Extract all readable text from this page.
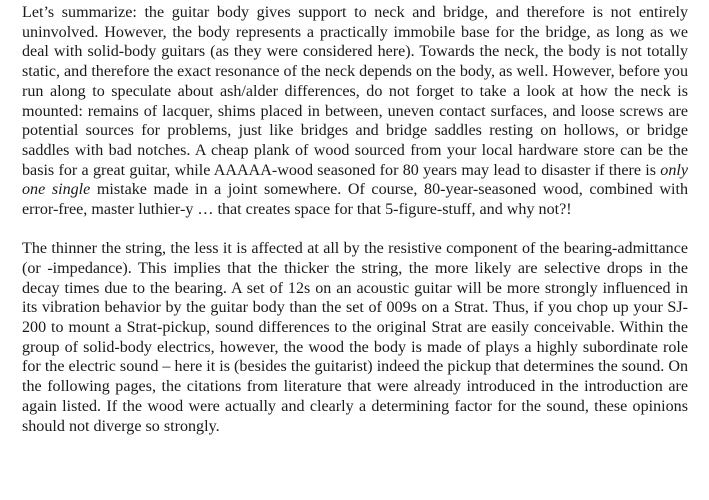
Let’s summarize: the guitar body gives support to neck and bridge, and therefore is not entirely uninvolved. However, the body represents a practically immobile base for the bridge, as long as we deal with solid-body guitars (as they were considered here). Towards the neck, the body is not totally static, and therefore the exact resonance of the neck depends on the body, as well. However, before you run along to speculate about ash/alder differences, do not forget to take a look at how the neck is mounted: remains of lacquer, shims placed in between, uneven contact surfaces, and loose screws are potential sources for problems, just like bridges and bridge saddles resting on hollows, or bridge saddles with bad notches. A cheap plank of wood sourced from your local hardware store can be the basis for a great guitar, while AAAAA-wood seasoned for 80 years may lead to disaster if there is only one single mistake made in a joint somewhere. Of course, 80-year-seasoned wood, combined with error-free, master luthier-y … that creates space for that 5-figure-stuff, and why not?!

The thinner the string, the less it is affected at all by the resistive component of the bearing-admittance (or -impedance). This implies that the thicker the string, the more likely are selective drops in the decay times due to the bearing. A set of 12s on an acoustic guitar will be more strongly influenced in its vibration behavior by the guitar body than the set of 009s on a Strat. Thus, if you chop up your SJ-200 to mount a Strat-pickup, sound differences to the original Strat are easily conceivable. Within the group of solid-body electrics, however, the wood the body is made of plays a highly subordinate role for the electric sound – here it is (besides the guitarist) indeed the pickup that determines the sound. On the following pages, the citations from literature that were already introduced in the introduction are again listed. If the wood were actually and clearly a determining factor for the sound, these opinions should not diverge so strongly.
